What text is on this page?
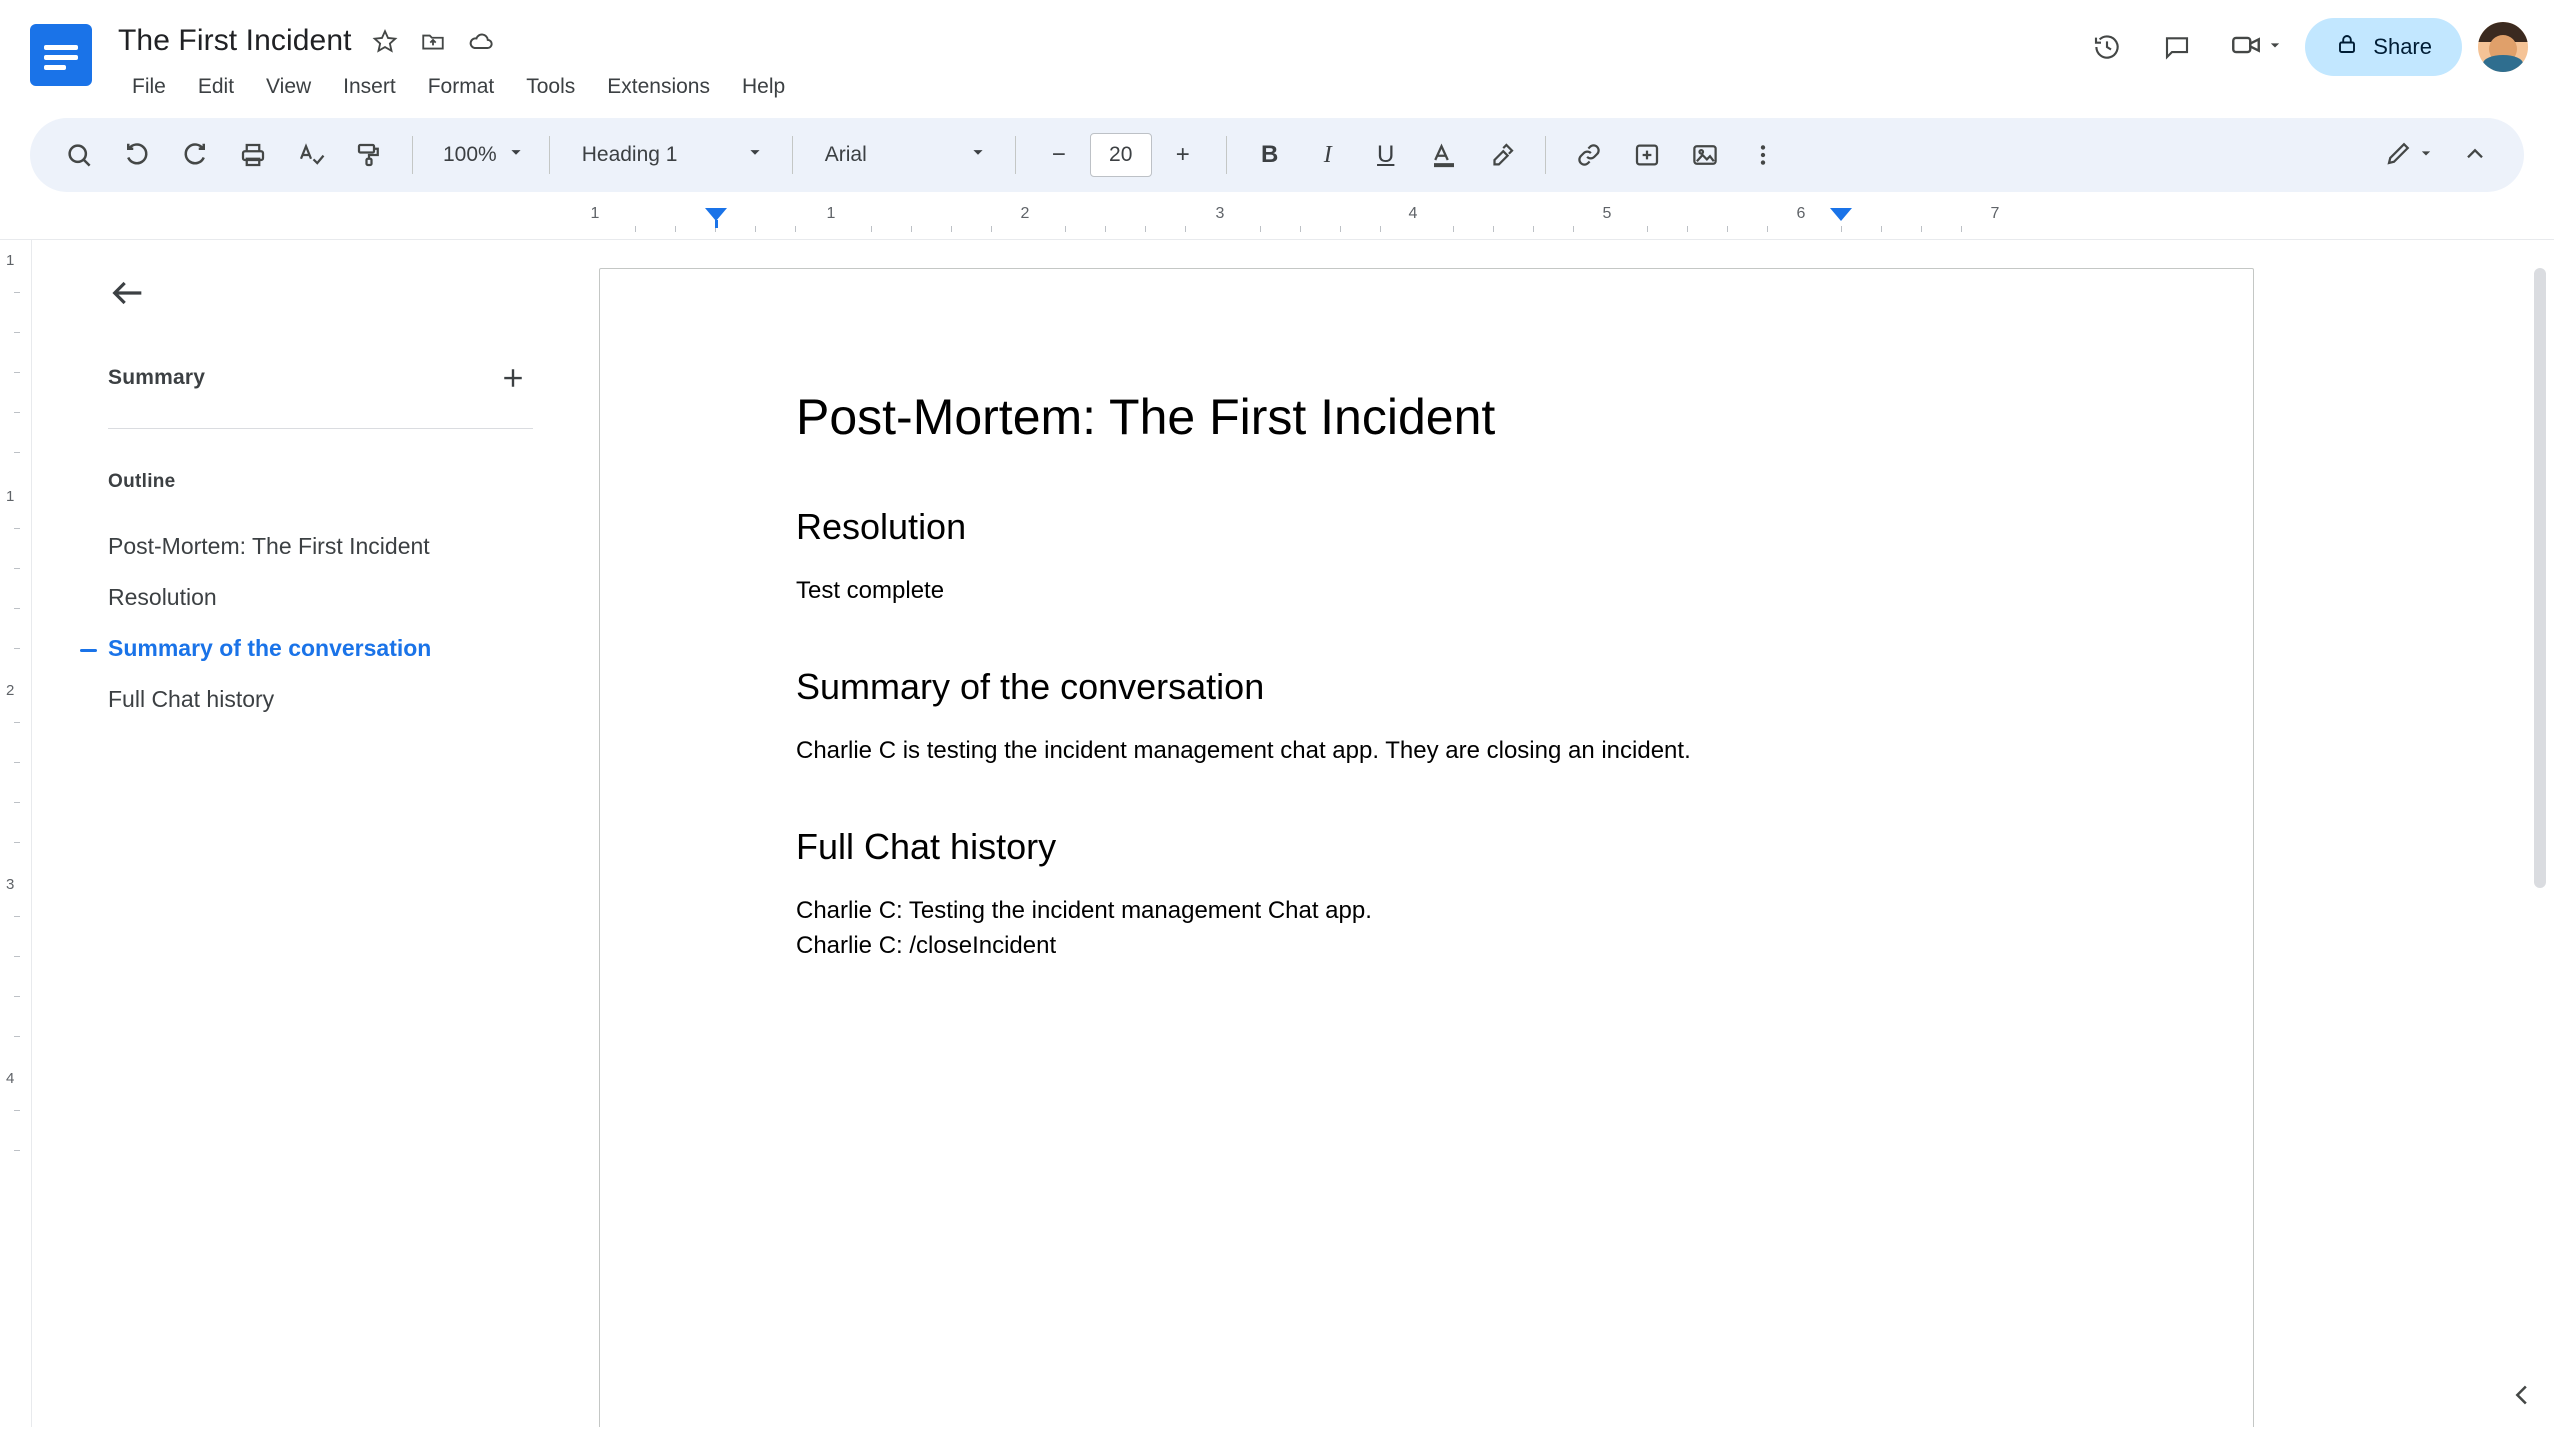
The First Incident
File	Edit	View	Insert	Format	Tools	Extensions	Help
Share
100%	Heading 1	Arial	−	20	+	B	I	U
1	1	2	3	4	5	6	7
1
1
2
3
4
Summary
Outline
Post-Mortem: The First Incident
Resolution
Summary of the conversation
Full Chat history
Post-Mortem: The First Incident
Resolution
Test complete
Summary of the conversation
Charlie C is testing the incident management chat app. They are closing an incident.
Full Chat history
Charlie C: Testing the incident management Chat app.
Charlie C: /closeIncident
